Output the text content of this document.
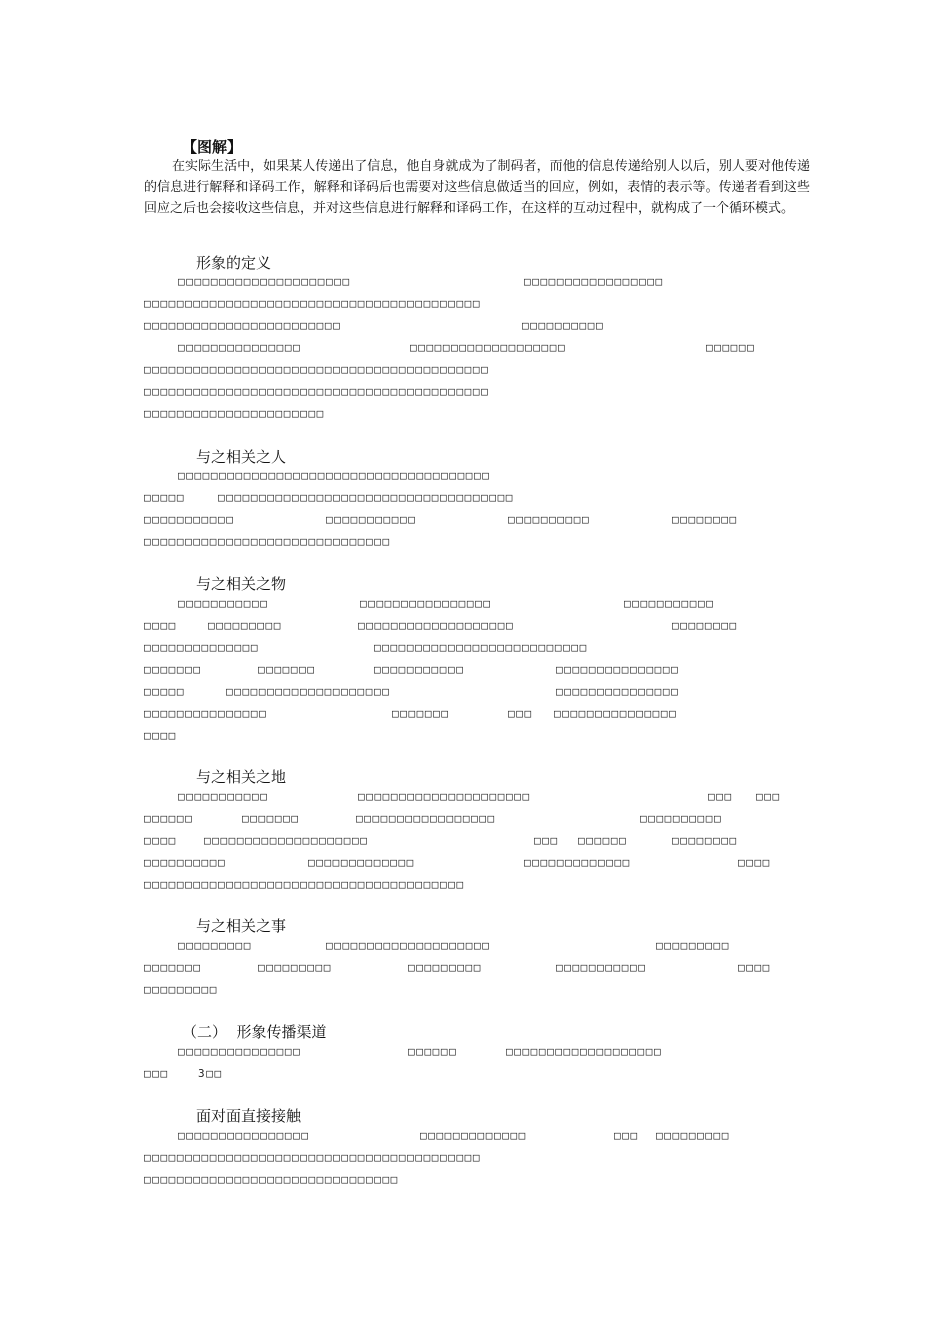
【图解】

在实际生活中，如果某人传递出了信息，他自身就成为了制码者，而他的信息传递给别人以后，别人要对他传递的信息进行解释和译码工作，解释和译码后也需要对这些信息做适当的回应，例如，表情的表示等。传递者看到这些回应之后也会接收这些信息，并对这些信息进行解释和译码工作，在这样的互动过程中，就构成了一个循环模式。

形象的定义
□□□□□□□□□□□□□□□□□□□□□	□□□□□□□□□□□□□□□□□
□□□□□□□□□□□□□□□□□□□□□□□□□□□□□□□□□□□□□□□□□
□□□□□□□□□□□□□□□□□□□□□□□□	□□□□□□□□□□
□□□□□□□□□□□□□□□	□□□□□□□□□□□□□□□□□□□	□□□□□□
□□□□□□□□□□□□□□□□□□□□□□□□□□□□□□□□□□□□□□□□□□
□□□□□□□□□□□□□□□□□□□□□□□□□□□□□□□□□□□□□□□□□□
□□□□□□□□□□□□□□□□□□□□□□
与之相关之人
□□□□□□□□□□□□□□□□□□□□□□□□□□□□□□□□□□□□□□
□□□□□	□□□□□□□□□□□□□□□□□□□□□□□□□□□□□□□□□□□□
□□□□□□□□□□□	□□□□□□□□□□□	□□□□□□□□□□	□□□□□□□□
□□□□□□□□□□□□□□□□□□□□□□□□□□□□□□
与之相关之物
□□□□□□□□□□□	□□□□□□□□□□□□□□□□	□□□□□□□□□□□
□□□□	□□□□□□□□□	□□□□□□□□□□□□□□□□□□□	□□□□□□□□
□□□□□□□□□□□□□□	□□□□□□□□□□□□□□□□□□□□□□□□□□
□□□□□□□	□□□□□□□	□□□□□□□□□□□	□□□□□□□□□□□□□□□
□□□□□	□□□□□□□□□□□□□□□□□□□□	□□□□□□□□□□□□□□□
□□□□□□□□□□□□□□□	□□□□□□□	□□□ □□□□□□□□□□□□□□□
□□□□
与之相关之地
□□□□□□□□□□□	□□□□□□□□□□□□□□□□□□□□□	□□□ □□□
□□□□□□	□□□□□□□	□□□□□□□□□□□□□□□□□	□□□□□□□□□□
□□□□ □□□□□□□□□□□□□□□□□□□□	□□□ □□□□□□	□□□□□□□□
□□□□□□□□□□	□□□□□□□□□□□□□	□□□□□□□□□□□□□	□□□□
□□□□□□□□□□□□□□□□□□□□□□□□□□□□□□□□□□□□□□□
与之相关之事
□□□□□□□□□	□□□□□□□□□□□□□□□□□□□□	□□□□□□□□□
□□□□□□□	□□□□□□□□□	□□□□□□□□□	□□□□□□□□□□□	□□□□
□□□□□□□□□
（二）  形象传播渠道
□□□□□□□□□□□□□□□	□□□□□□	□□□□□□□□□□□□□□□□□□□
□□□	3□□
面对面直接接触
□□□□□□□□□□□□□□□□	□□□□□□□□□□□□□	□□□ □□□□□□□□□
□□□□□□□□□□□□□□□□□□□□□□□□□□□□□□□□□□□□□□□□□
□□□□□□□□□□□□□□□□□□□□□□□□□□□□□□□
